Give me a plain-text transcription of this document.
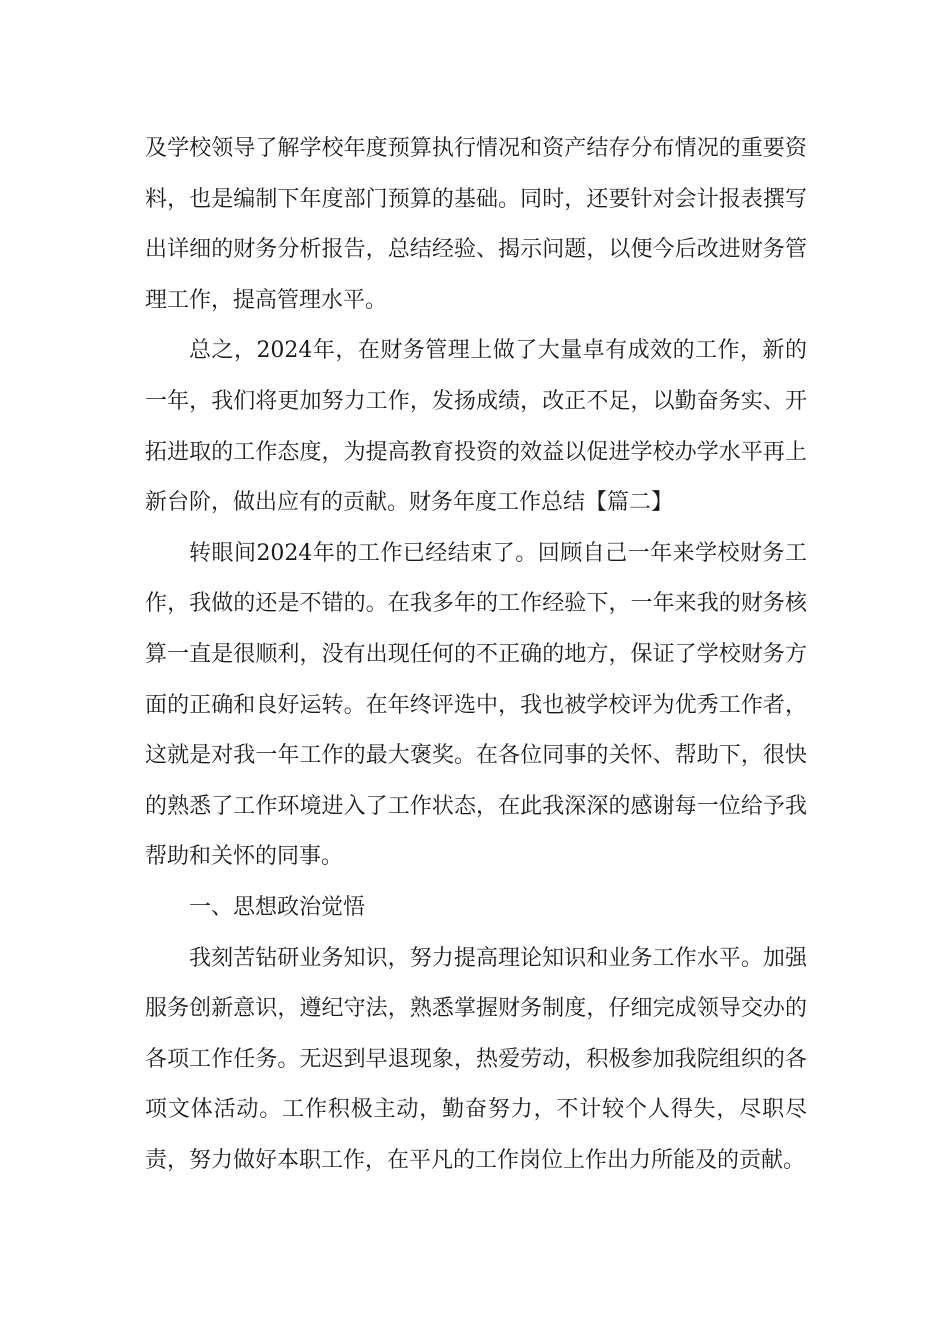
及学校领导了解学校年度预算执行情况和资产结存分布情况的重要资料，也是编制下年度部门预算的基础。同时，还要针对会计报表撰写出详细的财务分析报告，总结经验、揭示问题，以便今后改进财务管理工作，提高管理水平。

总之，2024年，在财务管理上做了大量卓有成效的工作，新的一年，我们将更加努力工作，发扬成绩，改正不足，以勤奋务实、开拓进取的工作态度，为提高教育投资的效益以促进学校办学水平再上新台阶，做出应有的贡献。财务年度工作总结【篇二】

转眼间2024年的工作已经结束了。回顾自己一年来学校财务工作，我做的还是不错的。在我多年的工作经验下，一年来我的财务核算一直是很顺利，没有出现任何的不正确的地方，保证了学校财务方面的正确和良好运转。在年终评选中，我也被学校评为优秀工作者，这就是对我一年工作的最大褒奖。在各位同事的关怀、帮助下，很快的熟悉了工作环境进入了工作状态，在此我深深的感谢每一位给予我帮助和关怀的同事。

一、思想政治觉悟

我刻苦钻研业务知识，努力提高理论知识和业务工作水平。加强服务创新意识，遵纪守法，熟悉掌握财务制度，仔细完成领导交办的各项工作任务。无迟到早退现象，热爱劳动，积极参加我院组织的各项文体活动。工作积极主动，勤奋努力，不计较个人得失，尽职尽责，努力做好本职工作，在平凡的工作岗位上作出力所能及的贡献。
